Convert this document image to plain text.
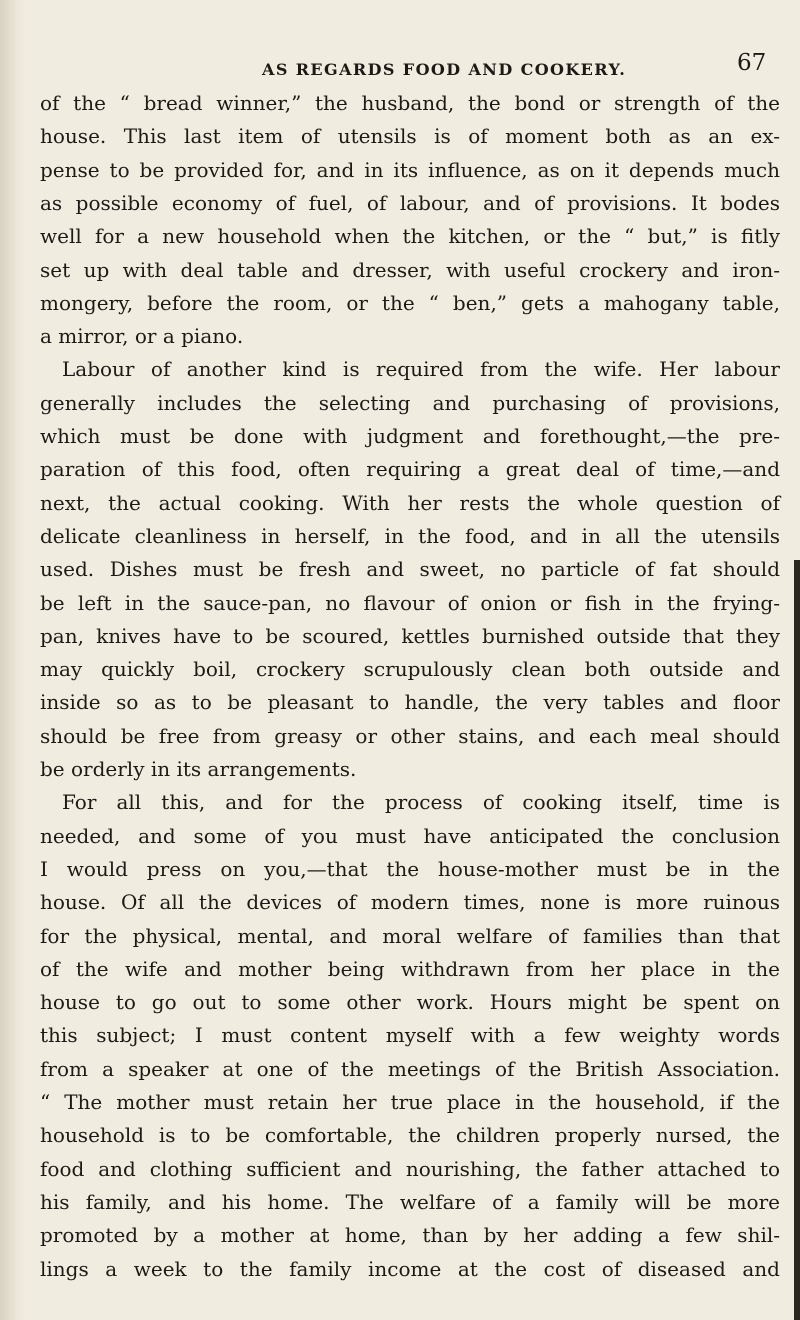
AS REGARDS FOOD AND COOKERY.	67
of the “ bread winner,” the husband, the bond or strength of the
house. This last item of utensils is of moment both as an ex-
pense to be provided for, and in its influence, as on it depends much
as possible economy of fuel, of labour, and of provisions. It bodes
well for a new household when the kitchen, or the “ but,” is fitly
set up with deal table and dresser, with useful crockery and iron-
mongery, before the room, or the “ ben,” gets a mahogany table,
a mirror, or a piano.
Labour of another kind is required from the wife. Her labour
generally includes the selecting and purchasing of provisions,
which must be done with judgment and forethought,—the pre-
paration of this food, often requiring a great deal of time,—and
next, the actual cooking. With her rests the whole question of
delicate cleanliness in herself, in the food, and in all the utensils
used. Dishes must be fresh and sweet, no particle of fat should
be left in the sauce-pan, no flavour of onion or fish in the frying-
pan, knives have to be scoured, kettles burnished outside that they
may quickly boil, crockery scrupulously clean both outside and
inside so as to be pleasant to handle, the very tables and floor
should be free from greasy or other stains, and each meal should
be orderly in its arrangements.
For all this, and for the process of cooking itself, time is
needed, and some of you must have anticipated the conclusion
I would press on you,—that the house-mother must be in the
house. Of all the devices of modern times, none is more ruinous
for the physical, mental, and moral welfare of families than that
of the wife and mother being withdrawn from her place in the
house to go out to some other work. Hours might be spent on
this subject; I must content myself with a few weighty words
from a speaker at one of the meetings of the British Association.
“ The mother must retain her true place in the household, if the
household is to be comfortable, the children properly nursed, the
food and clothing sufficient and nourishing, the father attached to
his family, and his home. The welfare of a family will be more
promoted by a mother at home, than by her adding a few shil-
lings a week to the family income at the cost of diseased and
